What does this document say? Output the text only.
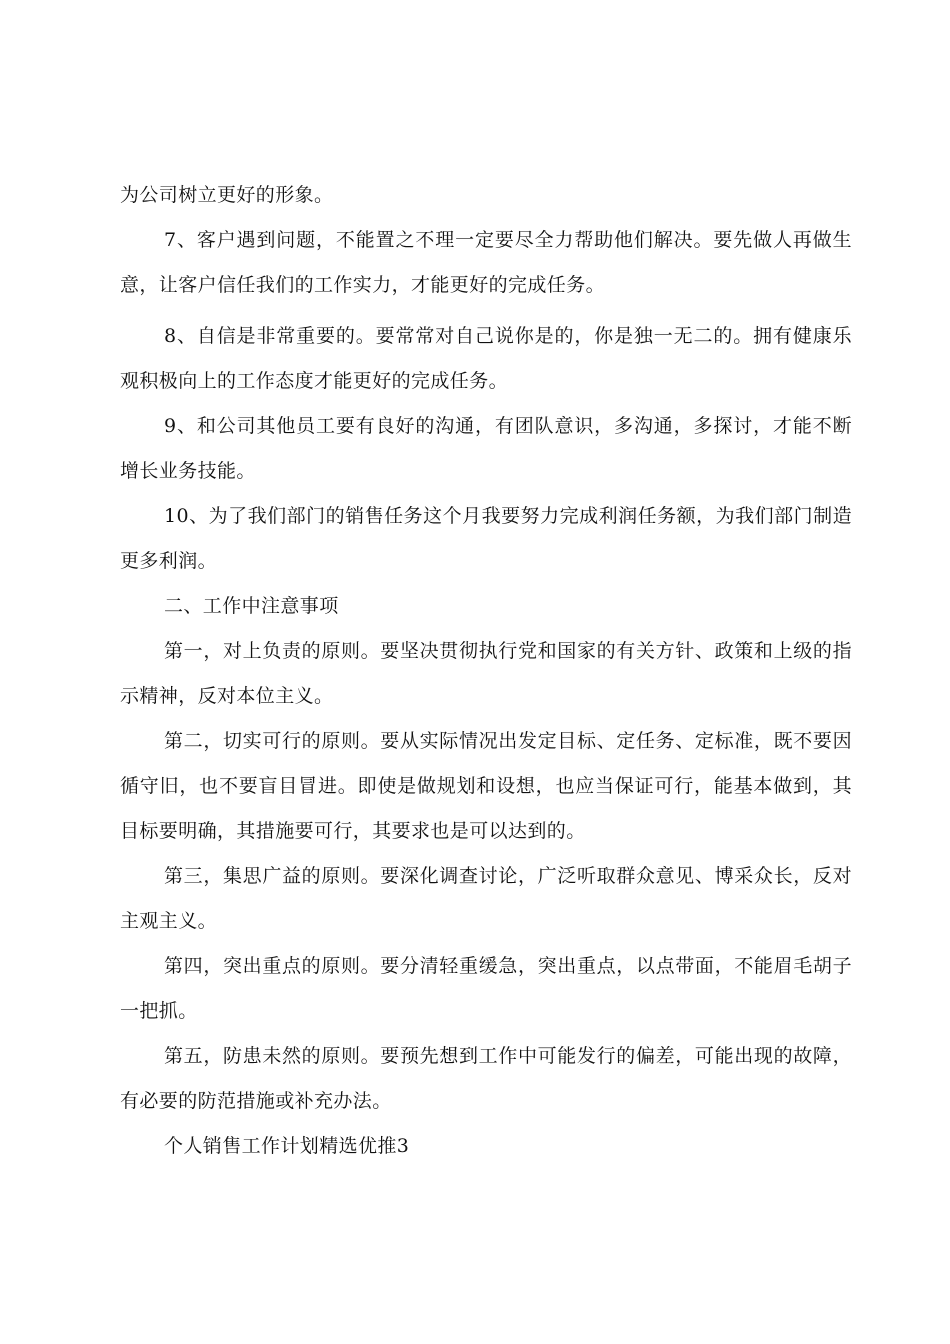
为公司树立更好的形象。

7、客户遇到问题，不能置之不理一定要尽全力帮助他们解决。要先做人再做生意，让客户信任我们的工作实力，才能更好的完成任务。

8、自信是非常重要的。要常常对自己说你是的，你是独一无二的。拥有健康乐观积极向上的工作态度才能更好的完成任务。

9、和公司其他员工要有良好的沟通，有团队意识，多沟通，多探讨，才能不断增长业务技能。

10、为了我们部门的销售任务这个月我要努力完成利润任务额，为我们部门制造更多利润。

二、工作中注意事项

第一，对上负责的原则。要坚决贯彻执行党和国家的有关方针、政策和上级的指示精神，反对本位主义。

第二，切实可行的原则。要从实际情况出发定目标、定任务、定标准，既不要因循守旧，也不要盲目冒进。即使是做规划和设想，也应当保证可行，能基本做到，其目标要明确，其措施要可行，其要求也是可以达到的。

第三，集思广益的原则。要深化调查讨论，广泛听取群众意见、博采众长，反对主观主义。

第四，突出重点的原则。要分清轻重缓急，突出重点，以点带面，不能眉毛胡子一把抓。

第五，防患未然的原则。要预先想到工作中可能发行的偏差，可能出现的故障，有必要的防范措施或补充办法。

个人销售工作计划精选优推3
